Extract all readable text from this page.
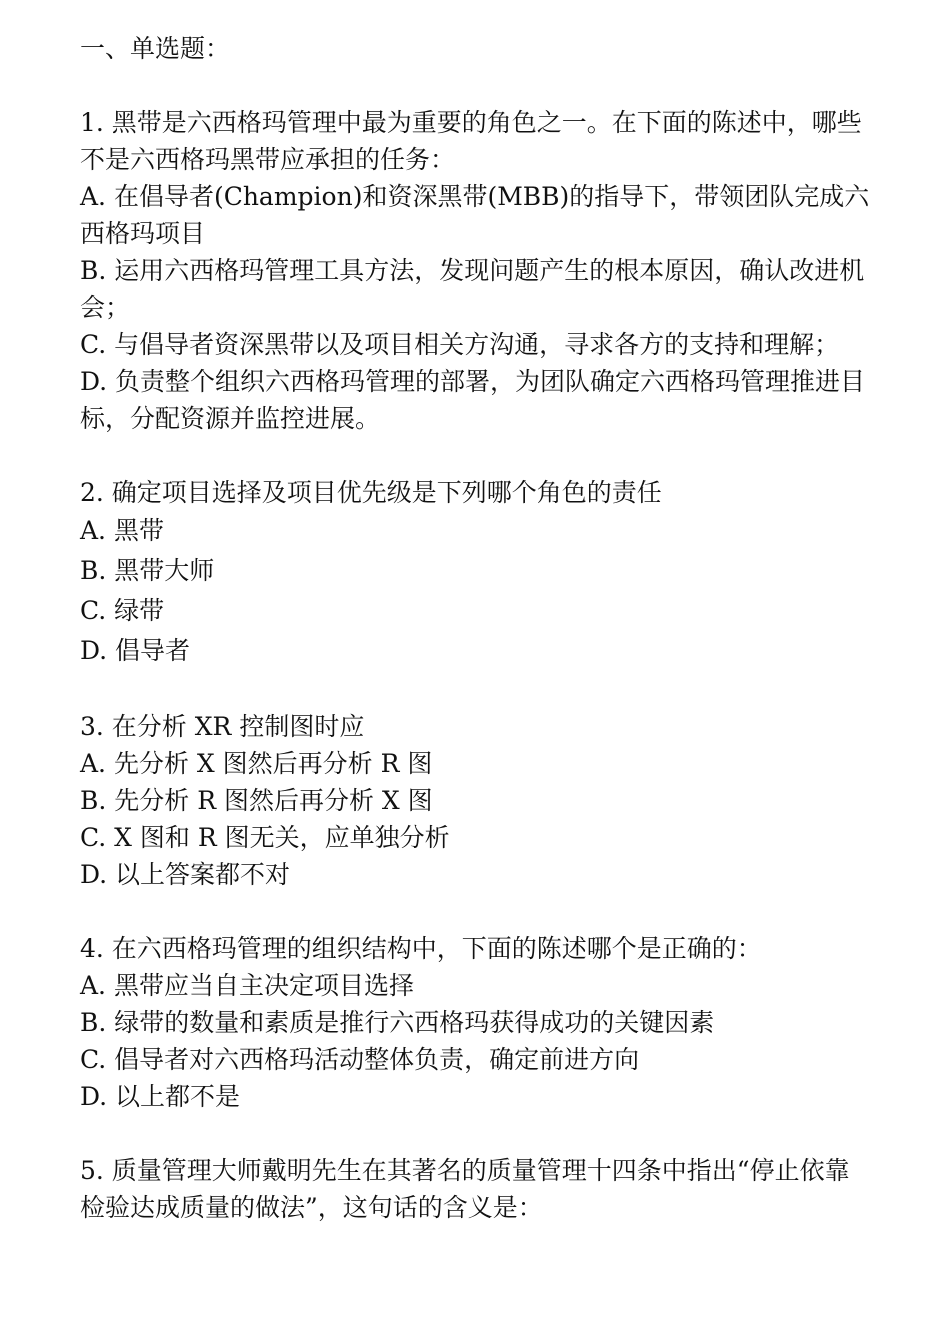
一、单选题：

1. 黑带是六西格玛管理中最为重要的角色之一。在下面的陈述中，哪些不是六西格玛黑带应承担的任务：

A. 在倡导者(Champion)和资深黑带(MBB)的指导下，带领团队完成六西格玛项目
B. 运用六西格玛管理工具方法，发现问题产生的根本原因，确认改进机会；
C. 与倡导者资深黑带以及项目相关方沟通，寻求各方的支持和理解；
D. 负责整个组织六西格玛管理的部署，为团队确定六西格玛管理推进目标，分配资源并监控进展。

2. 确定项目选择及项目优先级是下列哪个角色的责任

A. 黑带
B. 黑带大师
C. 绿带
D. 倡导者

3. 在分析 XR 控制图时应

A. 先分析 X 图然后再分析 R 图
B. 先分析 R 图然后再分析 X 图
C. X 图和 R 图无关，应单独分析
D. 以上答案都不对

4. 在六西格玛管理的组织结构中，下面的陈述哪个是正确的：

A. 黑带应当自主决定项目选择
B. 绿带的数量和素质是推行六西格玛获得成功的关键因素
C. 倡导者对六西格玛活动整体负责，确定前进方向
D. 以上都不是

5. 质量管理大师戴明先生在其著名的质量管理十四条中指出“停止依靠检验达成质量的做法”，这句话的含义是：
